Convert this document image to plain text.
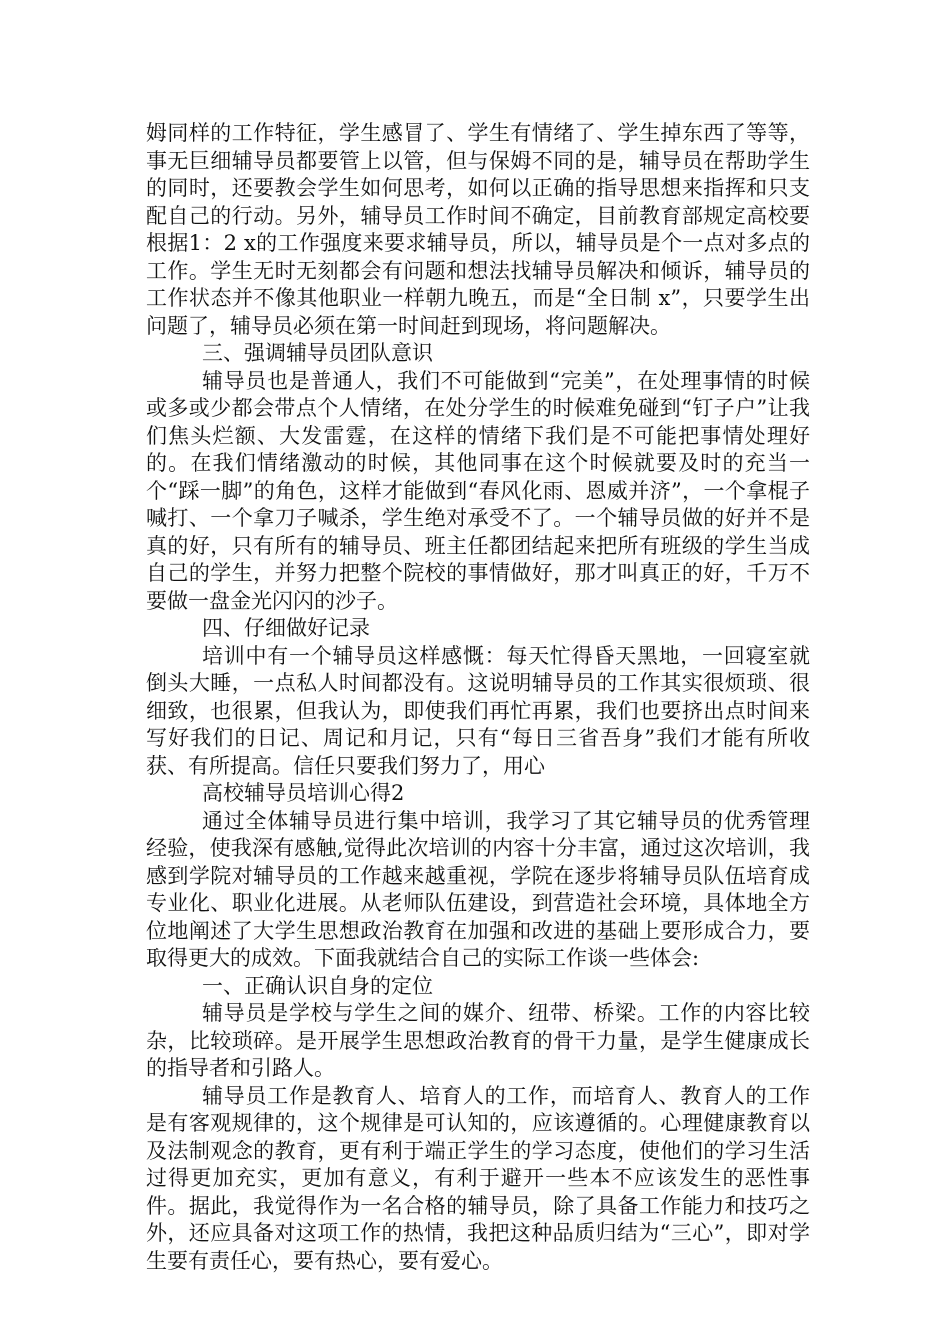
姆同样的工作特征，学生感冒了、学生有情绪了、学生掉东西了等等，事无巨细辅导员都要管上以管，但与保姆不同的是，辅导员在帮助学生的同时，还要教会学生如何思考，如何以正确的指导思想来指挥和只支配自己的行动。另外，辅导员工作时间不确定，目前教育部规定高校要根据1：2 x的工作强度来要求辅导员，所以，辅导员是个一点对多点的工作。学生无时无刻都会有问题和想法找辅导员解决和倾诉，辅导员的工作状态并不像其他职业一样朝九晚五，而是“全日制 x”，只要学生出问题了，辅导员必须在第一时间赶到现场，将问题解决。

三、强调辅导员团队意识

辅导员也是普通人，我们不可能做到“完美”，在处理事情的时候或多或少都会带点个人情绪，在处分学生的时候难免碰到“钉子户”让我们焦头烂额、大发雷霆，在这样的情绪下我们是不可能把事情处理好的。在我们情绪激动的时候，其他同事在这个时候就要及时的充当一个“踩一脚”的角色，这样才能做到“春风化雨、恩威并济”，一个拿棍子喊打、一个拿刀子喊杀，学生绝对承受不了。一个辅导员做的好并不是真的好，只有所有的辅导员、班主任都团结起来把所有班级的学生当成自己的学生，并努力把整个院校的事情做好，那才叫真正的好，千万不要做一盘金光闪闪的沙子。

四、仔细做好记录

培训中有一个辅导员这样感慨：每天忙得昏天黑地，一回寝室就倒头大睡，一点私人时间都没有。这说明辅导员的工作其实很烦琐、很细致，也很累，但我认为，即使我们再忙再累，我们也要挤出点时间来写好我们的日记、周记和月记，只有“每日三省吾身”我们才能有所收获、有所提高。信任只要我们努力了，用心

高校辅导员培训心得2

通过全体辅导员进行集中培训，我学习了其它辅导员的优秀管理经验，使我深有感触,觉得此次培训的内容十分丰富，通过这次培训，我感到学院对辅导员的工作越来越重视，学院在逐步将辅导员队伍培育成专业化、职业化进展。从老师队伍建设，到营造社会环境，具体地全方位地阐述了大学生思想政治教育在加强和改进的基础上要形成合力，要取得更大的成效。下面我就结合自己的实际工作谈一些体会:

一、正确认识自身的定位

辅导员是学校与学生之间的媒介、纽带、桥梁。工作的内容比较杂，比较琐碎。是开展学生思想政治教育的骨干力量，是学生健康成长的指导者和引路人。

辅导员工作是教育人、培育人的工作，而培育人、教育人的工作是有客观规律的，这个规律是可认知的，应该遵循的。心理健康教育以及法制观念的教育，更有利于端正学生的学习态度，使他们的学习生活过得更加充实，更加有意义，有利于避开一些本不应该发生的恶性事件。据此，我觉得作为一名合格的辅导员，除了具备工作能力和技巧之外，还应具备对这项工作的热情，我把这种品质归结为“三心”，即对学生要有责任心，要有热心，要有爱心。
